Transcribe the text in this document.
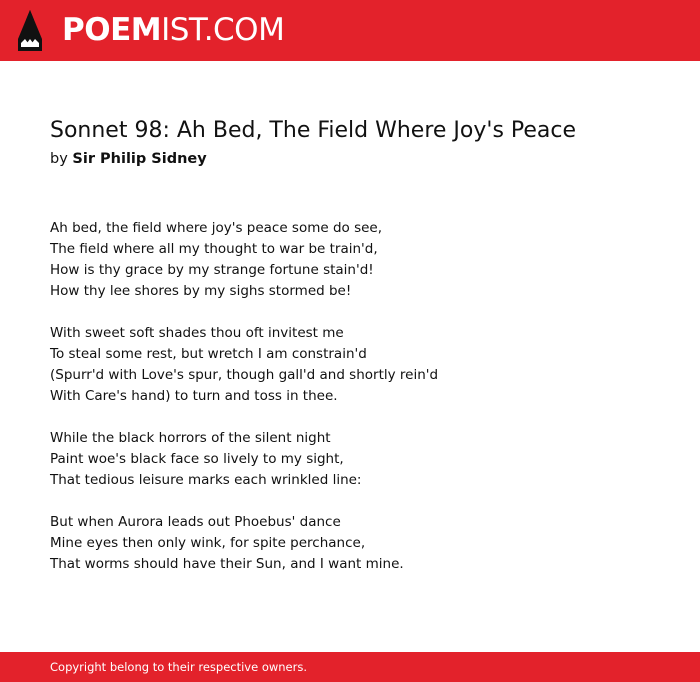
POEMIST.COM
Sonnet 98: Ah Bed, The Field Where Joy's Peace
by Sir Philip Sidney
Ah bed, the field where joy's peace some do see,
The field where all my thought to war be train'd,
How is thy grace by my strange fortune stain'd!
How thy lee shores by my sighs stormed be!
With sweet soft shades thou oft invitest me
To steal some rest, but wretch I am constrain'd
(Spurr'd with Love's spur, though gall'd and shortly rein'd
With Care's hand) to turn and toss in thee.
While the black horrors of the silent night
Paint woe's black face so lively to my sight,
That tedious leisure marks each wrinkled line:
But when Aurora leads out Phoebus' dance
Mine eyes then only wink, for spite perchance,
That worms should have their Sun, and I want mine.
Copyright belong to their respective owners.
